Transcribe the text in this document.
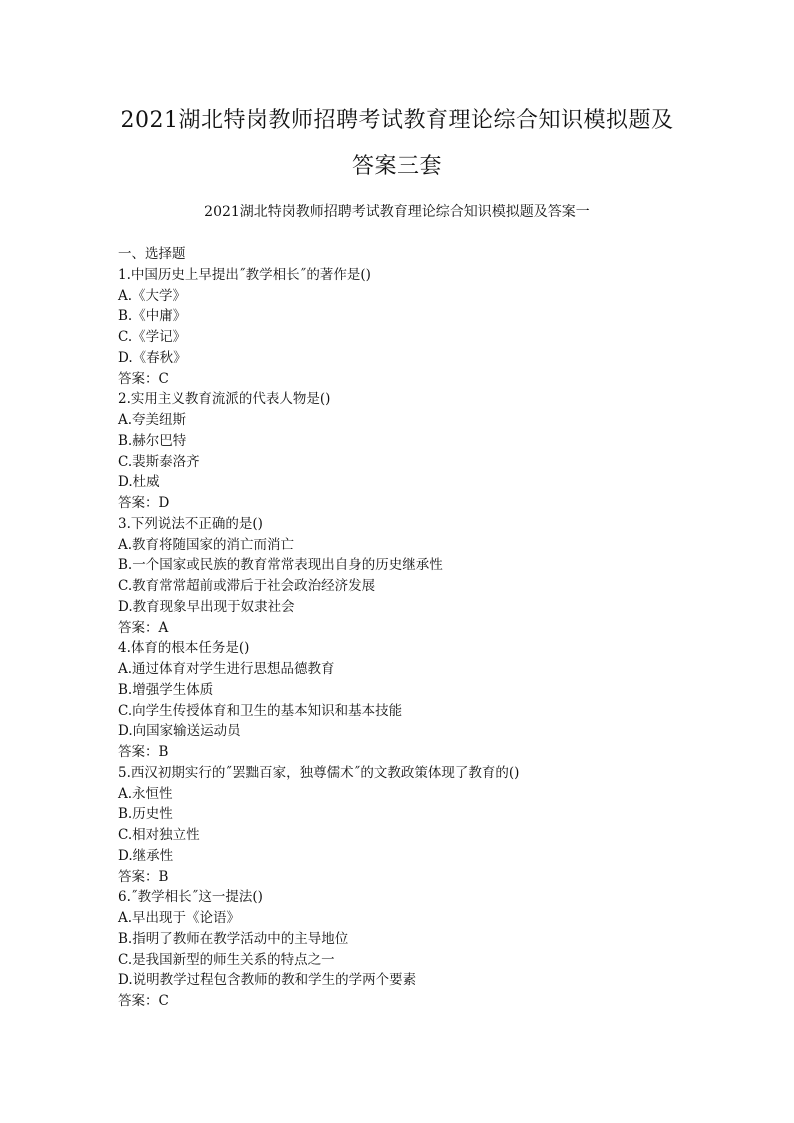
2021湖北特岗教师招聘考试教育理论综合知识模拟题及答案三套
2021湖北特岗教师招聘考试教育理论综合知识模拟题及答案一
一、选择题
1.中国历史上早提出˝教学相长˝的著作是()
A.《大学》
B.《中庸》
C.《学记》
D.《春秋》
答案：C
2.实用主义教育流派的代表人物是()
A.夸美纽斯
B.赫尔巴特
C.裴斯泰洛齐
D.杜威
答案：D
3.下列说法不正确的是()
A.教育将随国家的消亡而消亡
B.一个国家或民族的教育常常表现出自身的历史继承性
C.教育常常超前或滞后于社会政治经济发展
D.教育现象早出现于奴隶社会
答案：A
4.体育的根本任务是()
A.通过体育对学生进行思想品德教育
B.增强学生体质
C.向学生传授体育和卫生的基本知识和基本技能
D.向国家输送运动员
答案：B
5.西汉初期实行的˝罢黜百家，独尊儒术˝的文教政策体现了教育的()
A.永恒性
B.历史性
C.相对独立性
D.继承性
答案：B
6.˝教学相长˝这一提法()
A.早出现于《论语》
B.指明了教师在教学活动中的主导地位
C.是我国新型的师生关系的特点之一
D.说明教学过程包含教师的教和学生的学两个要素
答案：C
